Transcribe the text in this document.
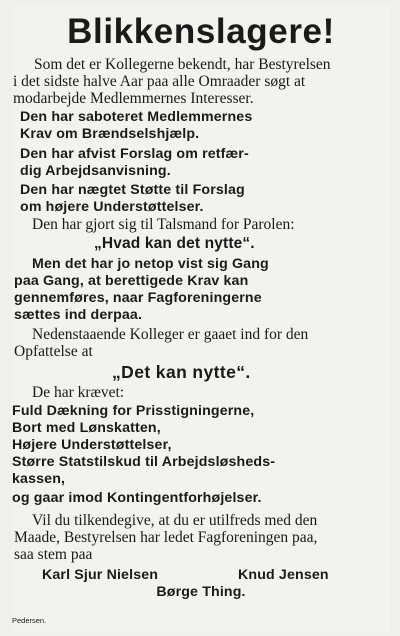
Blikkenslagere!
Som det er Kollegerne bekendt, har Bestyrelsen
i det sidste halve Aar paa alle Omraader søgt at
modarbejde Medlemmernes Interesser.
Den har saboteret Medlemmernes
Krav om Brændselshjælp.
Den har afvist Forslag om retfær-
dig Arbejdsanvisning.
Den har nægtet Støtte til Forslag
om højere Understøttelser.
Den har gjort sig til Talsmand for Parolen:
„Hvad kan det nytte“.
Men det har jo netop vist sig Gang
paa Gang, at berettigede Krav kan
gennemføres, naar Fagforeningerne
sættes ind derpaa.
Nedenstaaende Kolleger er gaaet ind for den
Opfattelse at
„Det kan nytte“.
De har krævet:
Fuld Dækning for Prisstigningerne,
Bort med Lønskatten,
Højere Understøttelser,
Større Statstilskud til Arbejdsløsheds-
kassen,
og gaar imod Kontingentforhøjelser.
Vil du tilkendegive, at du er utilfreds med den
Maade, Bestyrelsen har ledet Fagforeningen paa,
saa stem paa
Karl Sjur Nielsen	Knud Jensen
Børge Thing.
Pedersen.
